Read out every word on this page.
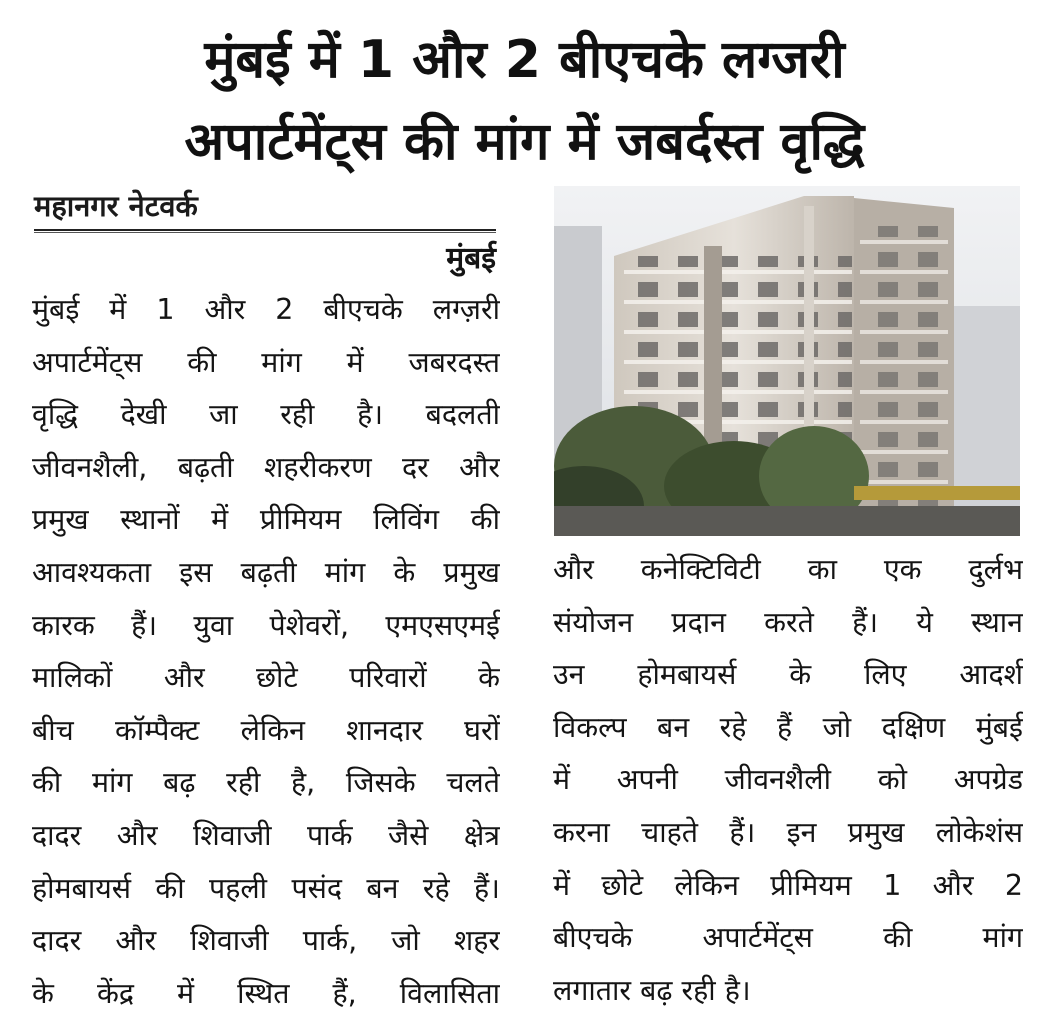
मुंबई में 1 और 2 बीएचके लग्जरी
अपार्टमेंट्स की मांग में जबर्दस्त वृद्धि
महानगर नेटवर्क
मुंबई
मुंबई में 1 और 2 बीएचके लग्ज़री
अपार्टमेंट्स की मांग में जबरदस्त
वृद्धि देखी जा रही है। बदलती
जीवनशैली, बढ़ती शहरीकरण दर और
प्रमुख स्थानों में प्रीमियम लिविंग की
आवश्यकता इस बढ़ती मांग के प्रमुख
कारक हैं। युवा पेशेवरों, एमएसएमई
मालिकों और छोटे परिवारों के
बीच कॉम्पैक्ट लेकिन शानदार घरों
की मांग बढ़ रही है, जिसके चलते
दादर और शिवाजी पार्क जैसे क्षेत्र
होमबायर्स की पहली पसंद बन रहे हैं।
दादर और शिवाजी पार्क, जो शहर
के केंद्र में स्थित हैं, विलासिता
और कनेक्टिविटी का एक दुर्लभ
संयोजन प्रदान करते हैं। ये स्थान
उन होमबायर्स के लिए आदर्श
विकल्प बन रहे हैं जो दक्षिण मुंबई
में अपनी जीवनशैली को अपग्रेड
करना चाहते हैं। इन प्रमुख लोकेशंस
में छोटे लेकिन प्रीमियम 1 और 2
बीएचके अपार्टमेंट्स की मांग
लगातार बढ़ रही है।
